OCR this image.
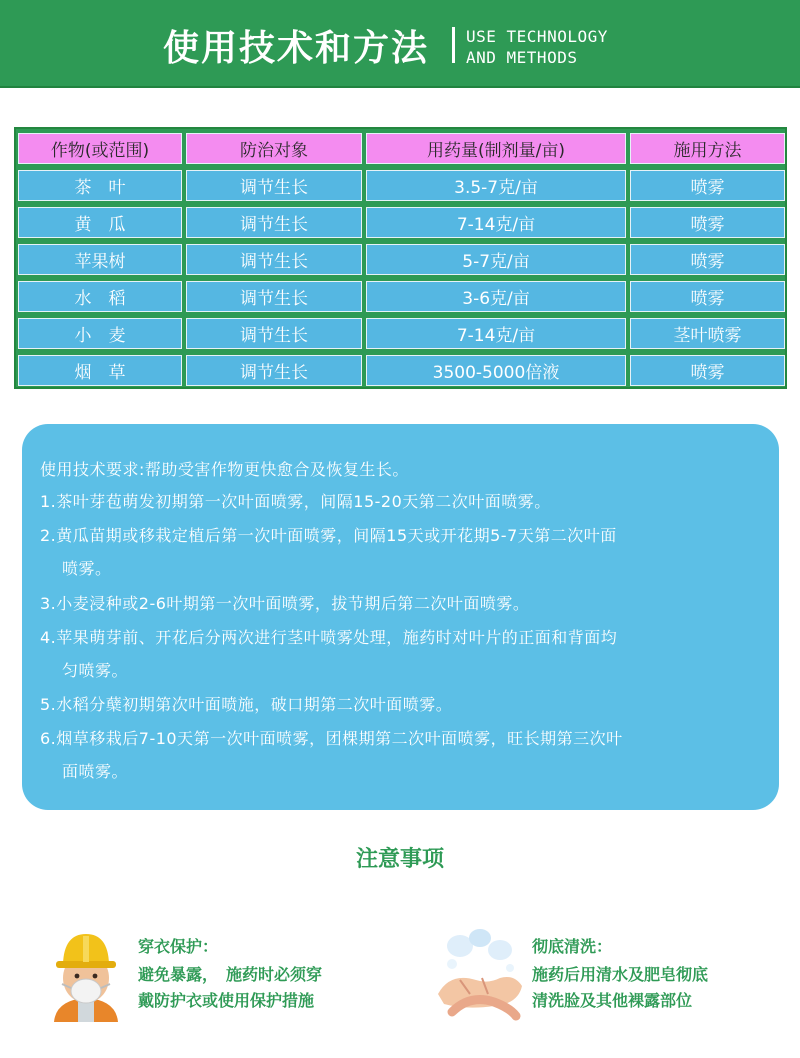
使用技术和方法 USE TECHNOLOGY
AND METHODS
作物(或范围)	防治对象	用药量(制剂量/亩)	施用方法
茶　叶	调节生长	3.5-7克/亩	喷雾
黄　瓜	调节生长	7-14克/亩	喷雾
苹果树	调节生长	5-7克/亩	喷雾
水　稻	调节生长	3-6克/亩	喷雾
小　麦	调节生长	7-14克/亩	茎叶喷雾
烟　草	调节生长	3500-5000倍液	喷雾
使用技术要求:帮助受害作物更快愈合及恢复生长。
1.茶叶芽苞萌发初期第一次叶面喷雾，间隔15-20天第二次叶面喷雾。
2.黄瓜苗期或移栽定植后第一次叶面喷雾，间隔15天或开花期5-7天第二次叶面
喷雾。
3.小麦浸种或2-6叶期第一次叶面喷雾，拔节期后第二次叶面喷雾。
4.苹果萌芽前、开花后分两次进行茎叶喷雾处理，施药时对叶片的正面和背面均
匀喷雾。
5.水稻分蘖初期第次叶面喷施，破口期第二次叶面喷雾。
6.烟草移栽后7-10天第一次叶面喷雾，团棵期第二次叶面喷雾，旺长期第三次叶
面喷雾。
注意事项
穿衣保护：
避免暴露，　施药时必须穿
戴防护衣或使用保护措施
彻底清洗：
施药后用清水及肥皂彻底
清洗脸及其他裸露部位
